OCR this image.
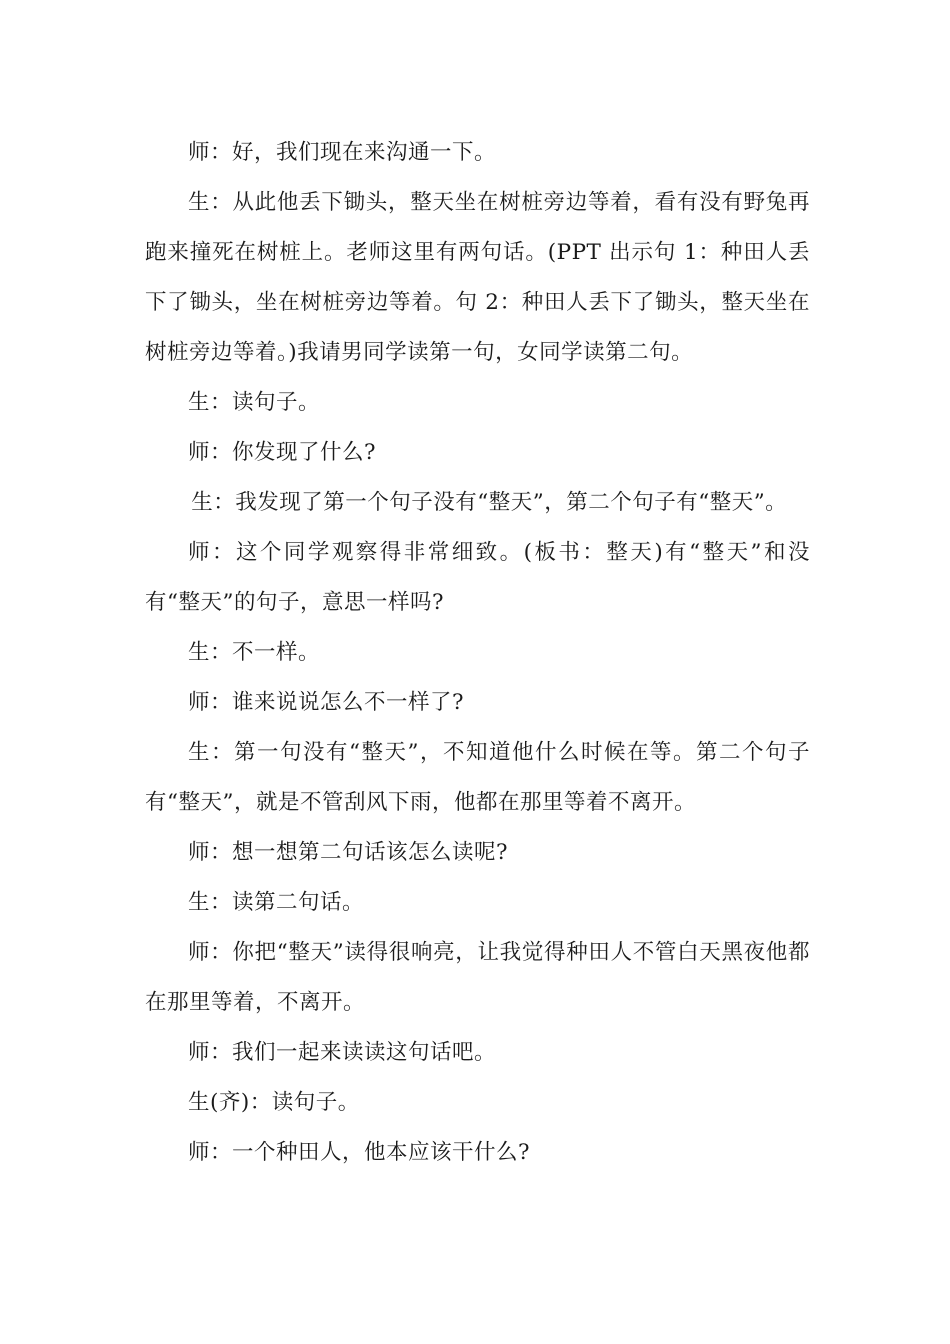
师：好，我们现在来沟通一下。

生：从此他丢下锄头，整天坐在树桩旁边等着，看有没有野兔再跑来撞死在树桩上。老师这里有两句话。(PPT 出示句 1：种田人丢下了锄头，坐在树桩旁边等着。句 2：种田人丢下了锄头，整天坐在树桩旁边等着。)我请男同学读第一句，女同学读第二句。

生：读句子。

师：你发现了什么?

生：我发现了第一个句子没有“整天”，第二个句子有“整天”。

师：这个同学观察得非常细致。(板书：整天)有“整天”和没有“整天”的句子，意思一样吗?

生：不一样。

师：谁来说说怎么不一样了?

生：第一句没有“整天”，不知道他什么时候在等。第二个句子有“整天”，就是不管刮风下雨，他都在那里等着不离开。

师：想一想第二句话该怎么读呢?

生：读第二句话。

师：你把“整天”读得很响亮，让我觉得种田人不管白天黑夜他都在那里等着，不离开。

师：我们一起来读读这句话吧。

生(齐)：读句子。

师：一个种田人，他本应该干什么?
